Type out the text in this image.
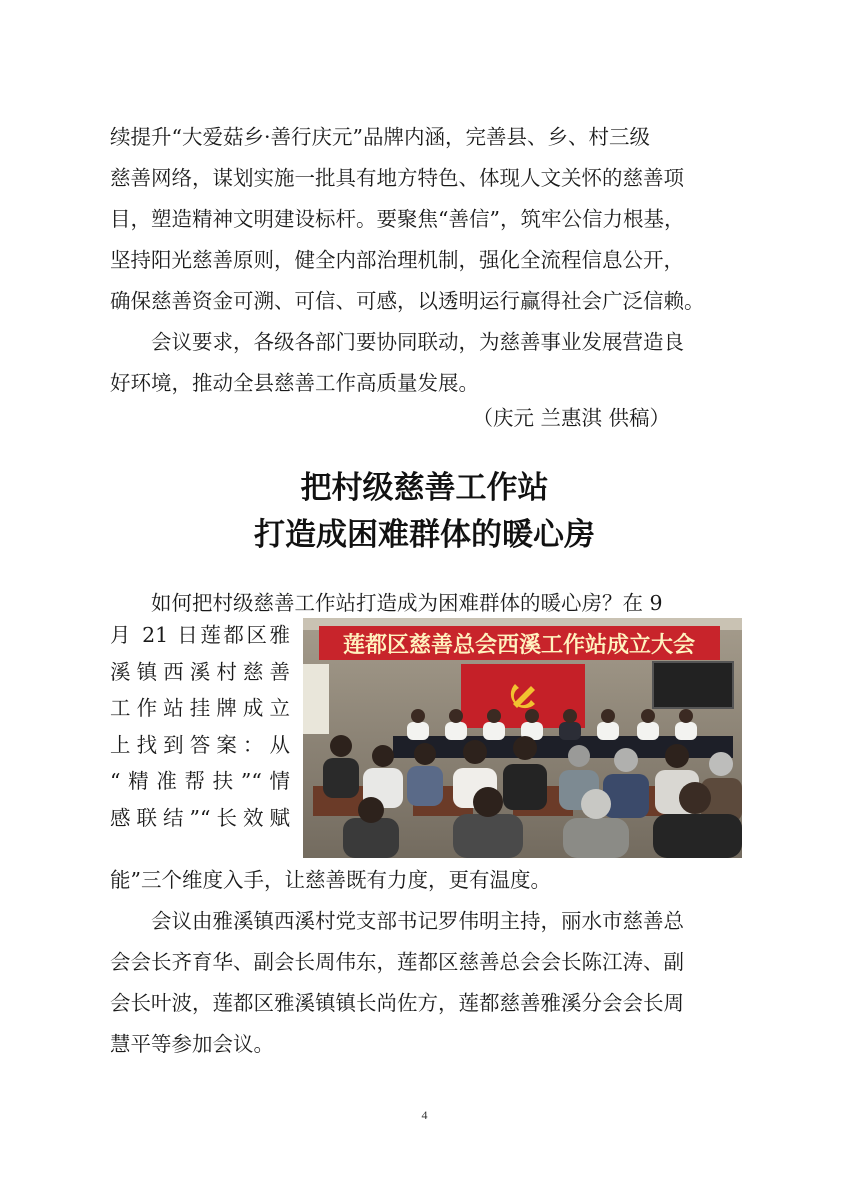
续提升“大爱菇乡·善行庆元”品牌内涵，完善县、乡、村三级
慈善网络，谋划实施一批具有地方特色、体现人文关怀的慈善项
目，塑造精神文明建设标杆。要聚焦“善信”，筑牢公信力根基，
坚持阳光慈善原则，健全内部治理机制，强化全流程信息公开，
确保慈善资金可溯、可信、可感，以透明运行赢得社会广泛信赖。

会议要求，各级各部门要协同联动，为慈善事业发展营造良
好环境，推动全县慈善工作高质量发展。

（庆元 兰惠淇 供稿）

把村级慈善工作站
打造成困难群体的暖心房

如何把村级慈善工作站打造成为困难群体的暖心房？在 9

月 21 日莲都区雅
溪镇西溪村慈善
工作站挂牌成立
上找到答案：从
“精准帮扶”“情
感联结”“长效赋
莲都区慈善总会西溪工作站成立大会

能”三个维度入手，让慈善既有力度，更有温度。

会议由雅溪镇西溪村党支部书记罗伟明主持，丽水市慈善总
会会长齐育华、副会长周伟东，莲都区慈善总会会长陈江涛、副
会长叶波，莲都区雅溪镇镇长尚佐方，莲都慈善雅溪分会会长周
慧平等参加会议。

4
